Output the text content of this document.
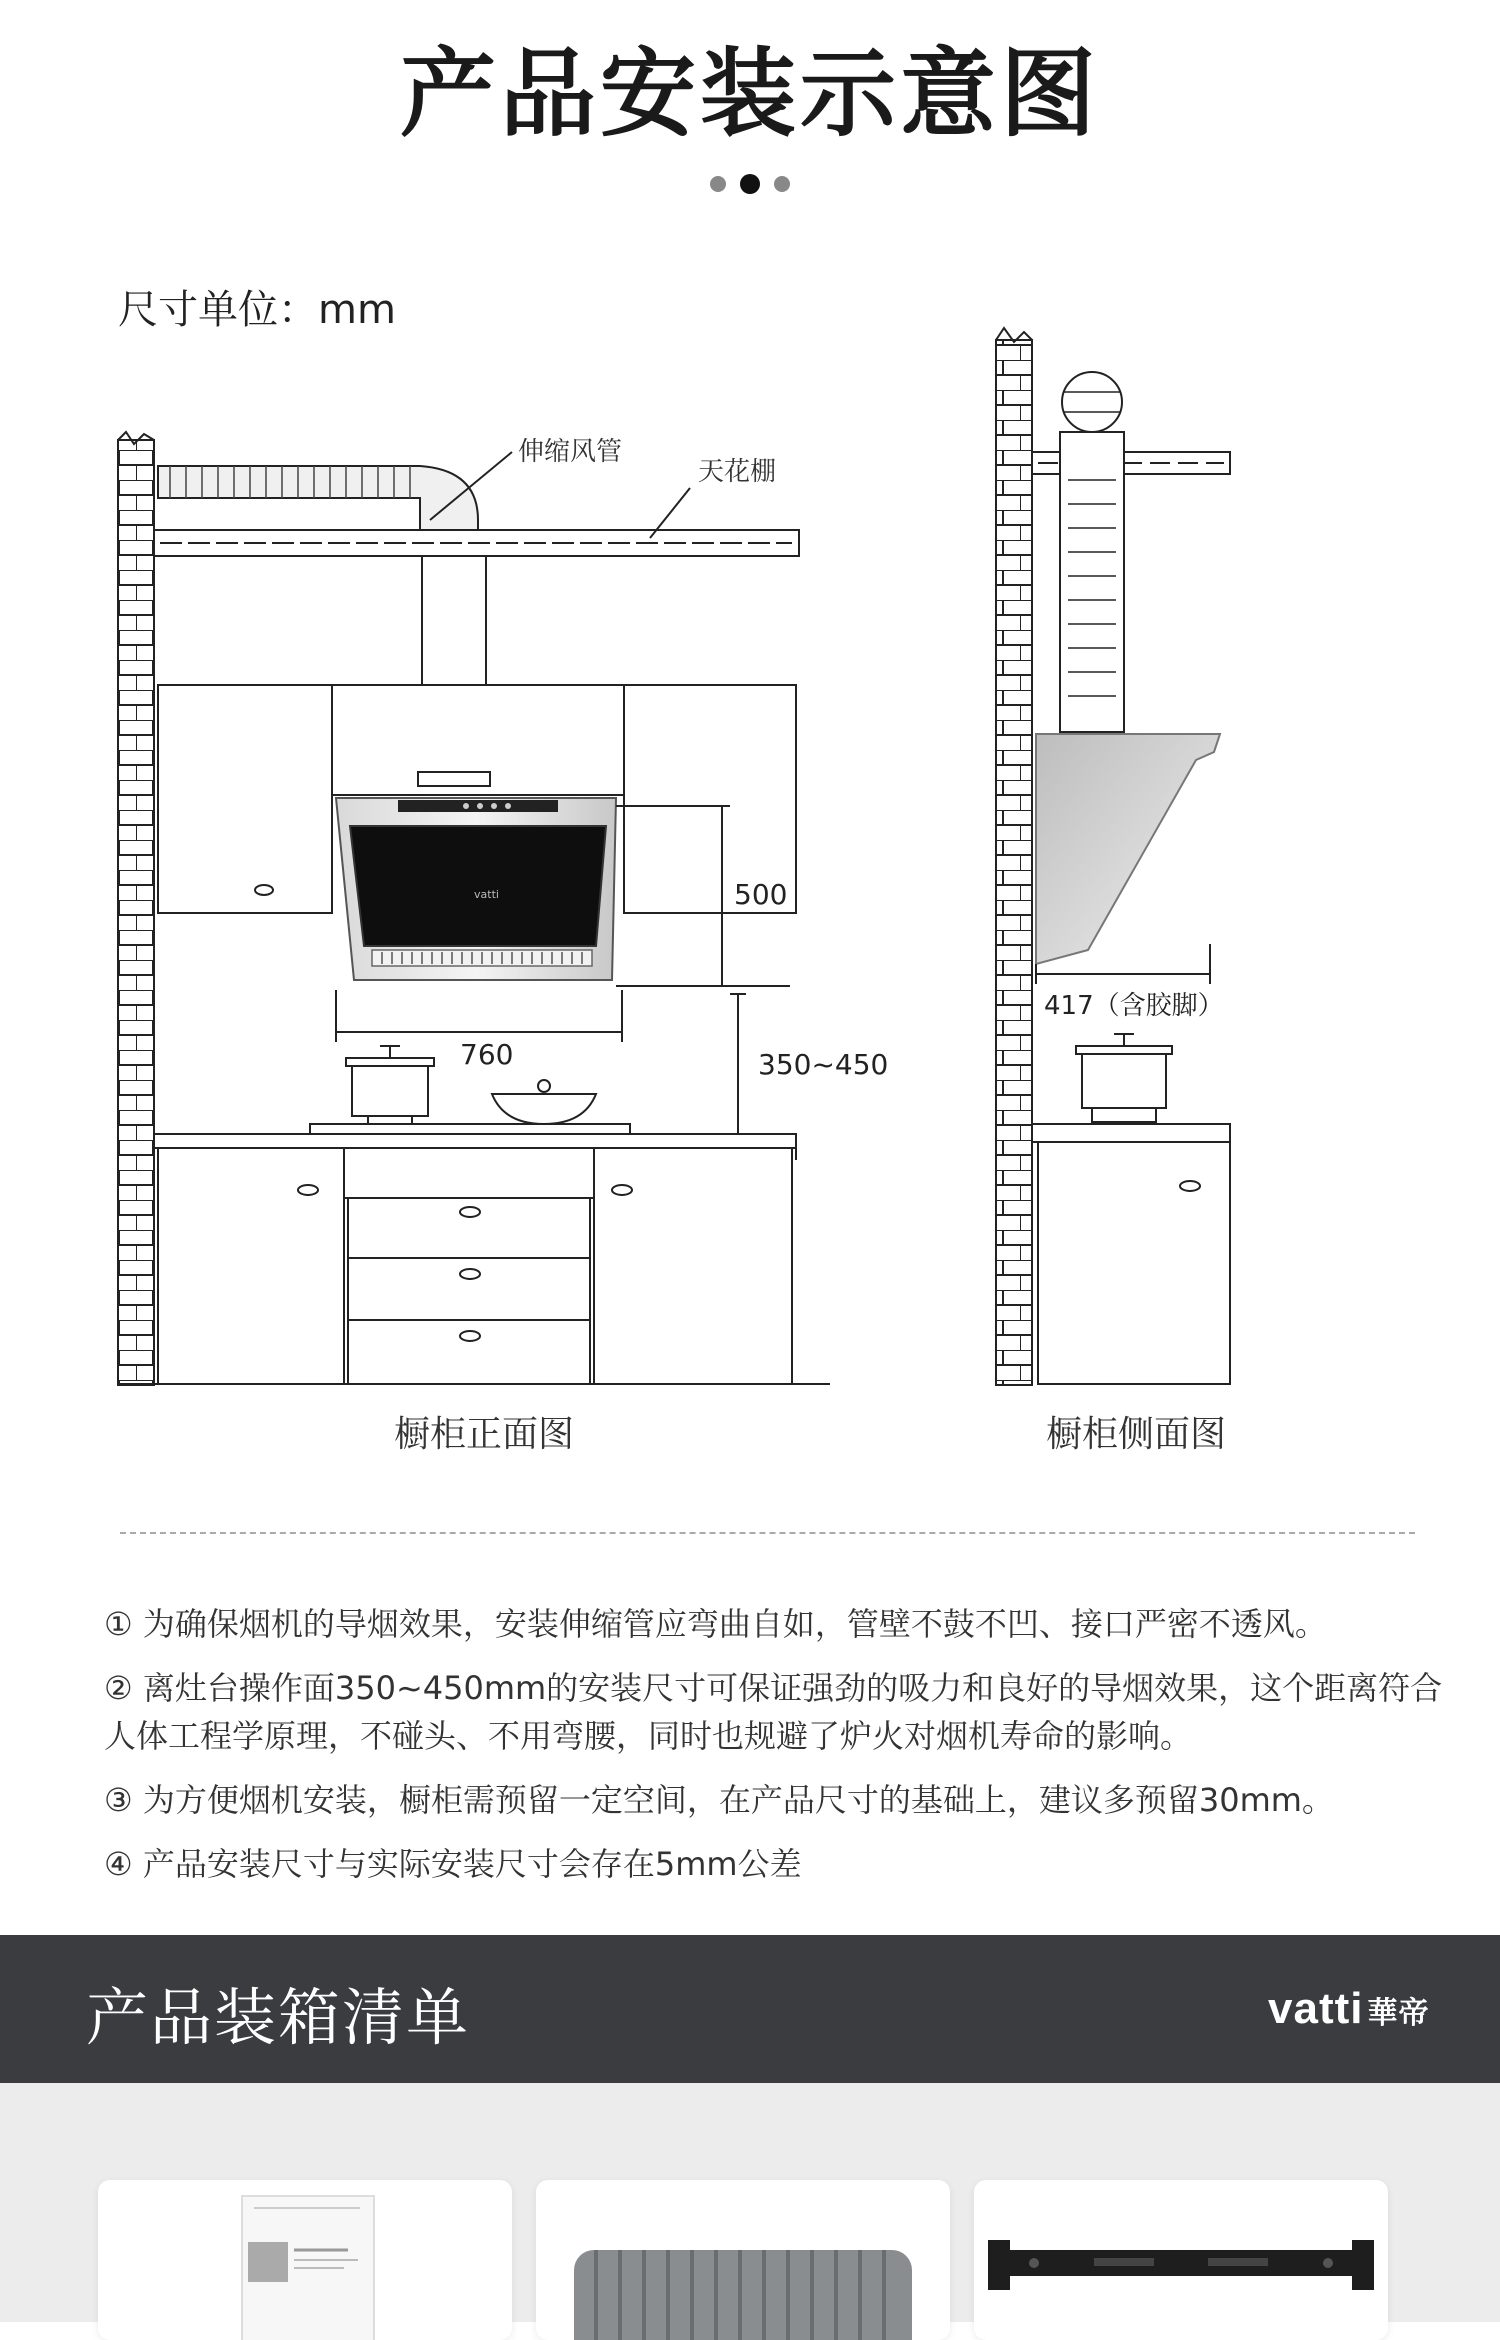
产品安装示意图
尺寸单位：mm
伸缩风管
天花棚
vatti	500
760	350~450
417（含胶脚）
橱柜正面图	橱柜侧面图

① 为确保烟机的导烟效果，安装伸缩管应弯曲自如，管壁不鼓不凹、接口严密不透风。

② 离灶台操作面350~450mm的安装尺寸可保证强劲的吸力和良好的导烟效果，这个距离符合人体工程学原理，不碰头、不用弯腰，同时也规避了炉火对烟机寿命的影响。

③ 为方便烟机安装，橱柜需预留一定空间，在产品尺寸的基础上，建议多预留30mm。

④ 产品安装尺寸与实际安装尺寸会存在5mm公差

产品装箱清单	vatti 華帝
